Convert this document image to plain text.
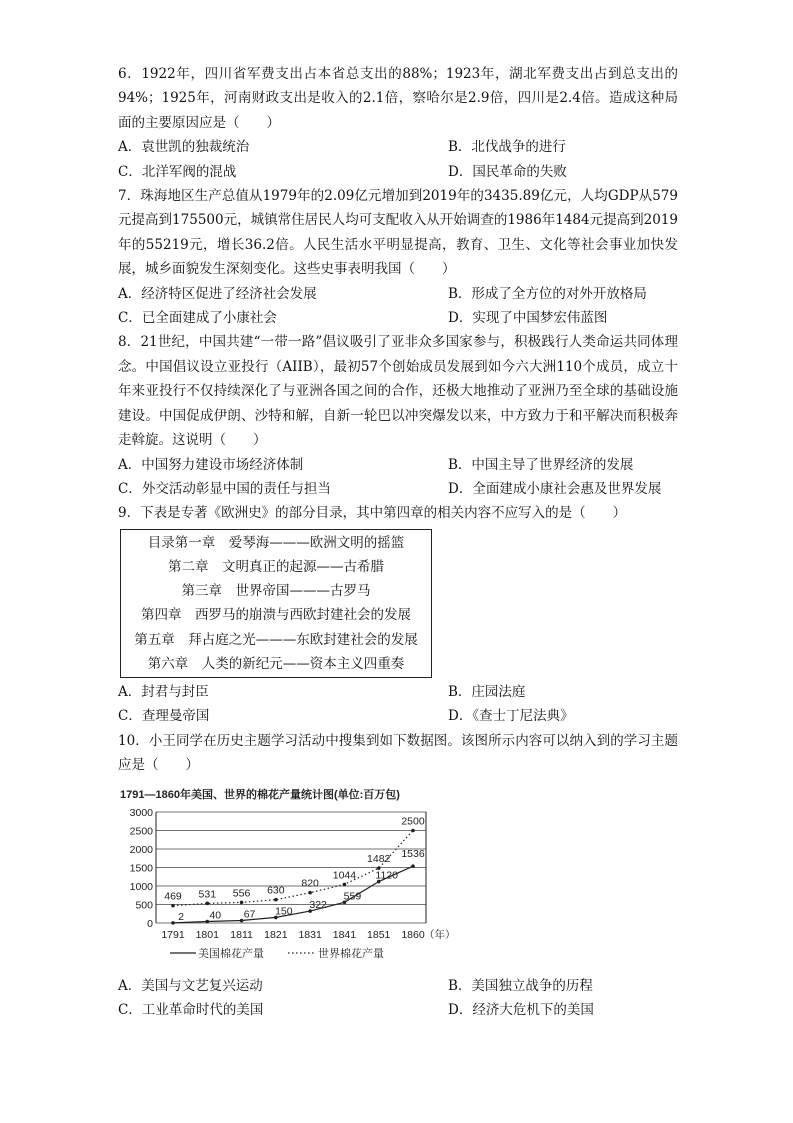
6．1922年，四川省军费支出占本省总支出的88%；1923年，湖北军费支出占到总支出的94%；1925年，河南财政支出是收入的2.1倍，察哈尔是2.9倍，四川是2.4倍。造成这种局面的主要原因应是（　　）

A．袁世凯的独裁统治	B．北伐战争的进行
C．北洋军阀的混战	D．国民革命的失败

7．珠海地区生产总值从1979年的2.09亿元增加到2019年的3435.89亿元，人均GDP从579元提高到175500元，城镇常住居民人均可支配收入从开始调查的1986年1484元提高到2019年的55219元，增长36.2倍。人民生活水平明显提高，教育、卫生、文化等社会事业加快发展，城乡面貌发生深刻变化。这些史事表明我国（　　）

A．经济特区促进了经济社会发展	B．形成了全方位的对外开放格局
C．已全面建成了小康社会	D．实现了中国梦宏伟蓝图

8．21世纪，中国共建“一带一路”倡议吸引了亚非众多国家参与，积极践行人类命运共同体理念。中国倡议设立亚投行（AIIB），最初57个创始成员发展到如今六大洲110个成员，成立十年来亚投行不仅持续深化了与亚洲各国之间的合作，还极大地推动了亚洲乃至全球的基础设施建设。中国促成伊朗、沙特和解，自新一轮巴以冲突爆发以来，中方致力于和平解决而积极奔走斡旋。这说明（　　）

A．中国努力建设市场经济体制	B．中国主导了世界经济的发展
C．外交活动彰显中国的责任与担当	D．全面建成小康社会惠及世界发展

9．下表是专著《欧洲史》的部分目录，其中第四章的相关内容不应写入的是（　　）

目录第一章　爱琴海———欧洲文明的摇篮
第二章　文明真正的起源——古希腊
第三章　世界帝国———古罗马
第四章　西罗马的崩溃与西欧封建社会的发展
第五章　拜占庭之光———东欧封建社会的发展
第六章　人类的新纪元——资本主义四重奏
A．封君与封臣	B．庄园法庭
C．查理曼帝国	D．《查士丁尼法典》

10．小王同学在历史主题学习活动中搜集到如下数据图。该图所示内容可以纳入到的学习主题应是（　　）

1791—1860年美国、世界的棉花产量统计图(单位:百万包)
0
500
1000
1500
2000
2500
3000
1791 1801 1811 1821 1831 1841 1851 1860 （年）
469 531 556 630
820
1044
1482
2500
2 40 67 150
322
559
1120
1536
美国棉花产量	世界棉花产量
A．美国与文艺复兴运动	B．美国独立战争的历程
C．工业革命时代的美国	D．经济大危机下的美国
